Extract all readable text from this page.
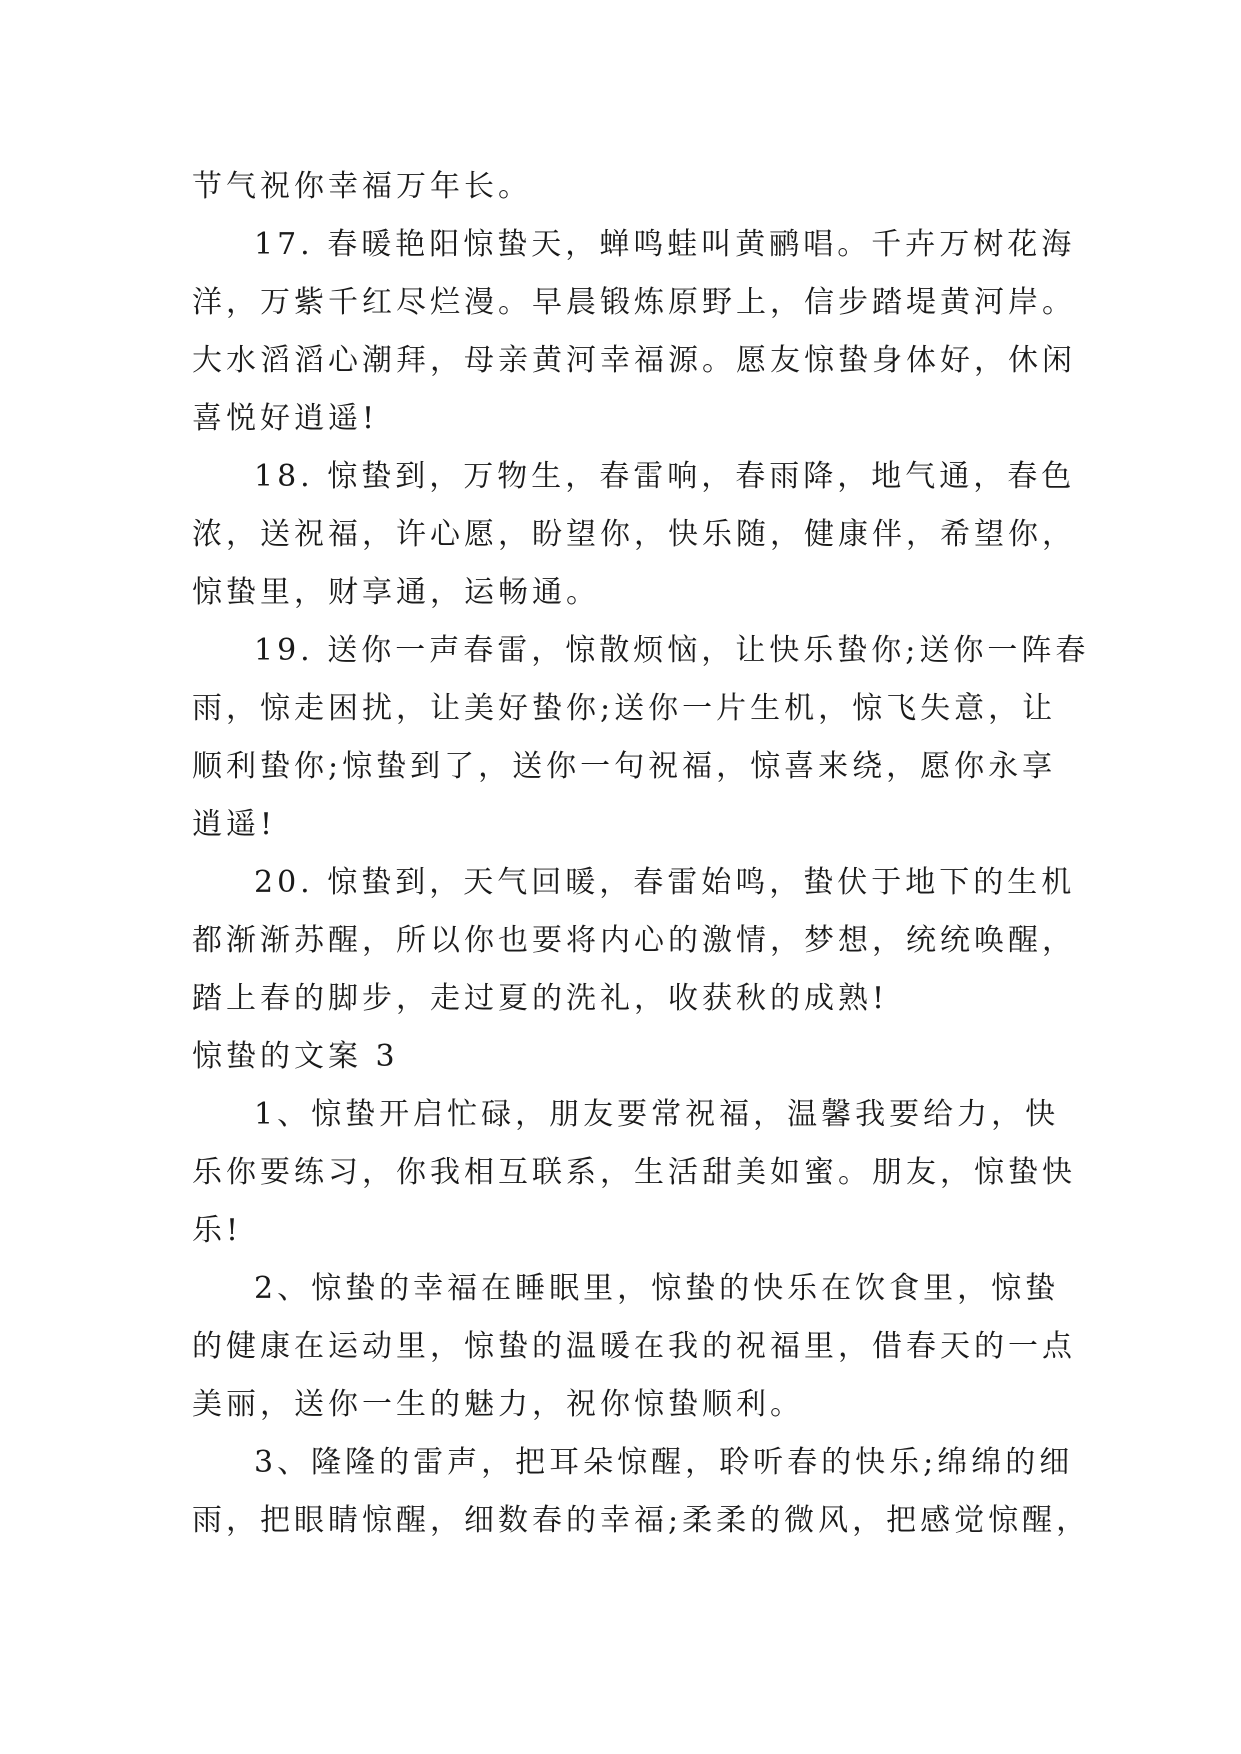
节气祝你幸福万年长。
17. 春暖艳阳惊蛰天，蝉鸣蛙叫黄鹂唱。千卉万树花海
洋，万紫千红尽烂漫。早晨锻炼原野上，信步踏堤黄河岸。
大水滔滔心潮拜，母亲黄河幸福源。愿友惊蛰身体好，休闲
喜悦好逍遥!
18. 惊蛰到，万物生，春雷响，春雨降，地气通，春色
浓，送祝福，许心愿，盼望你，快乐随，健康伴，希望你，
惊蛰里，财享通，运畅通。
19. 送你一声春雷，惊散烦恼，让快乐蛰你;送你一阵春
雨，惊走困扰，让美好蛰你;送你一片生机，惊飞失意，让
顺利蛰你;惊蛰到了，送你一句祝福，惊喜来绕，愿你永享
逍遥!
20. 惊蛰到，天气回暖，春雷始鸣，蛰伏于地下的生机
都渐渐苏醒，所以你也要将内心的激情，梦想，统统唤醒，
踏上春的脚步，走过夏的洗礼，收获秋的成熟!
惊蛰的文案 3
1、惊蛰开启忙碌，朋友要常祝福，温馨我要给力，快
乐你要练习，你我相互联系，生活甜美如蜜。朋友，惊蛰快
乐!
2、惊蛰的幸福在睡眠里，惊蛰的快乐在饮食里，惊蛰
的健康在运动里，惊蛰的温暖在我的祝福里，借春天的一点
美丽，送你一生的魅力，祝你惊蛰顺利。
3、隆隆的雷声，把耳朵惊醒，聆听春的快乐;绵绵的细
雨，把眼睛惊醒，细数春的幸福;柔柔的微风，把感觉惊醒，
